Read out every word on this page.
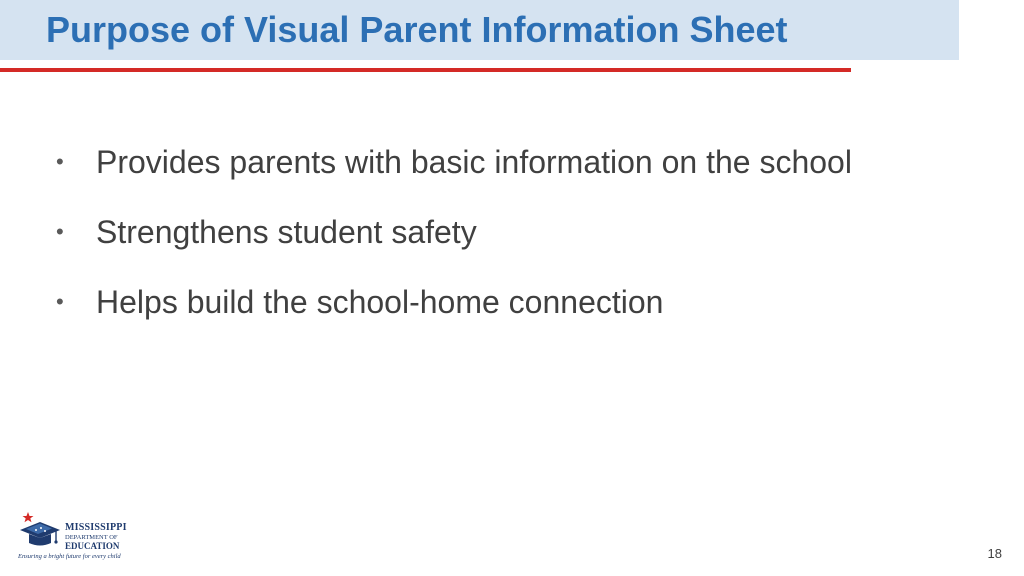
Purpose of Visual Parent Information Sheet
• Provides parents with basic information on the school
• Strengthens student safety
• Helps build the school-home connection
MISSISSIPPI
DEPARTMENT OF
EDUCATION
Ensuring a bright future for every child	18
